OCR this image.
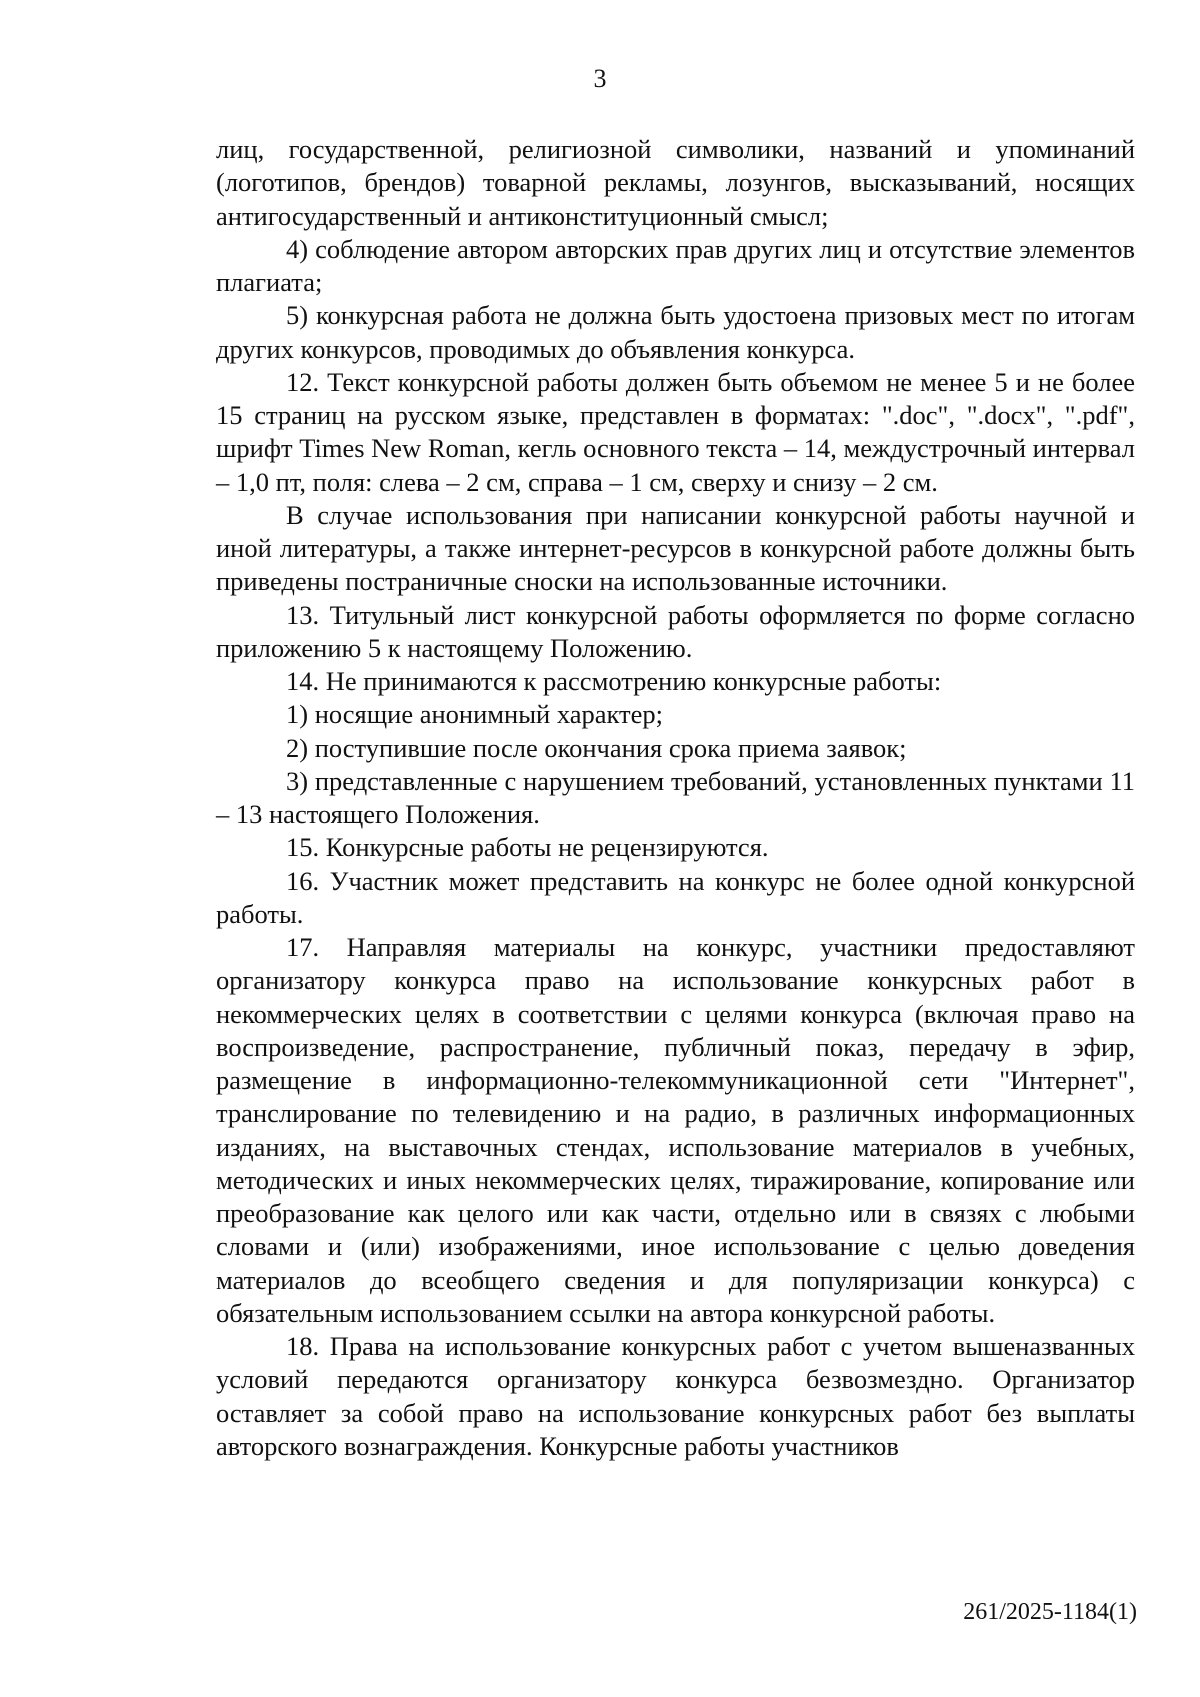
3

лиц, государственной, религиозной символики, названий и упоминаний (логотипов, брендов) товарной рекламы, лозунгов, высказываний, носящих антигосударственный и антиконституционный смысл;

4) соблюдение автором авторских прав других лиц и отсутствие элементов плагиата;

5) конкурсная работа не должна быть удостоена призовых мест по итогам других конкурсов, проводимых до объявления конкурса.

12. Текст конкурсной работы должен быть объемом не менее 5 и не более 15 страниц на русском языке, представлен в форматах: ".doc", ".docx", ".pdf", шрифт Times New Roman, кегль основного текста – 14, междустрочный интервал – 1,0 пт, поля: слева – 2 см, справа – 1 см, сверху и снизу – 2 см.

В случае использования при написании конкурсной работы научной и иной литературы, а также интернет-ресурсов в конкурсной работе должны быть приведены постраничные сноски на использованные источники.

13. Титульный лист конкурсной работы оформляется по форме согласно приложению 5 к настоящему Положению.

14. Не принимаются к рассмотрению конкурсные работы:

1) носящие анонимный характер;

2) поступившие после окончания срока приема заявок;

3) представленные с нарушением требований, установленных пунктами 11 – 13 настоящего Положения.

15. Конкурсные работы не рецензируются.

16. Участник может представить на конкурс не более одной конкурсной работы.

17. Направляя материалы на конкурс, участники предоставляют организатору конкурса право на использование конкурсных работ в некоммерческих целях в соответствии с целями конкурса (включая право на воспроизведение, распространение, публичный показ, передачу в эфир, размещение в информационно-телекоммуникационной сети "Интернет", транслирование по телевидению и на радио, в различных информационных изданиях, на выставочных стендах, использование материалов в учебных, методических и иных некоммерческих целях, тиражирование, копирование или преобразование как целого или как части, отдельно или в связях с любыми словами и (или) изображениями, иное использование с целью доведения материалов до всеобщего сведения и для популяризации конкурса) с обязательным использованием ссылки на автора конкурсной работы.

18. Права на использование конкурсных работ с учетом вышеназванных условий передаются организатору конкурса безвозмездно. Организатор оставляет за собой право на использование конкурсных работ без выплаты авторского вознаграждения. Конкурсные работы участников

261/2025-1184(1)
